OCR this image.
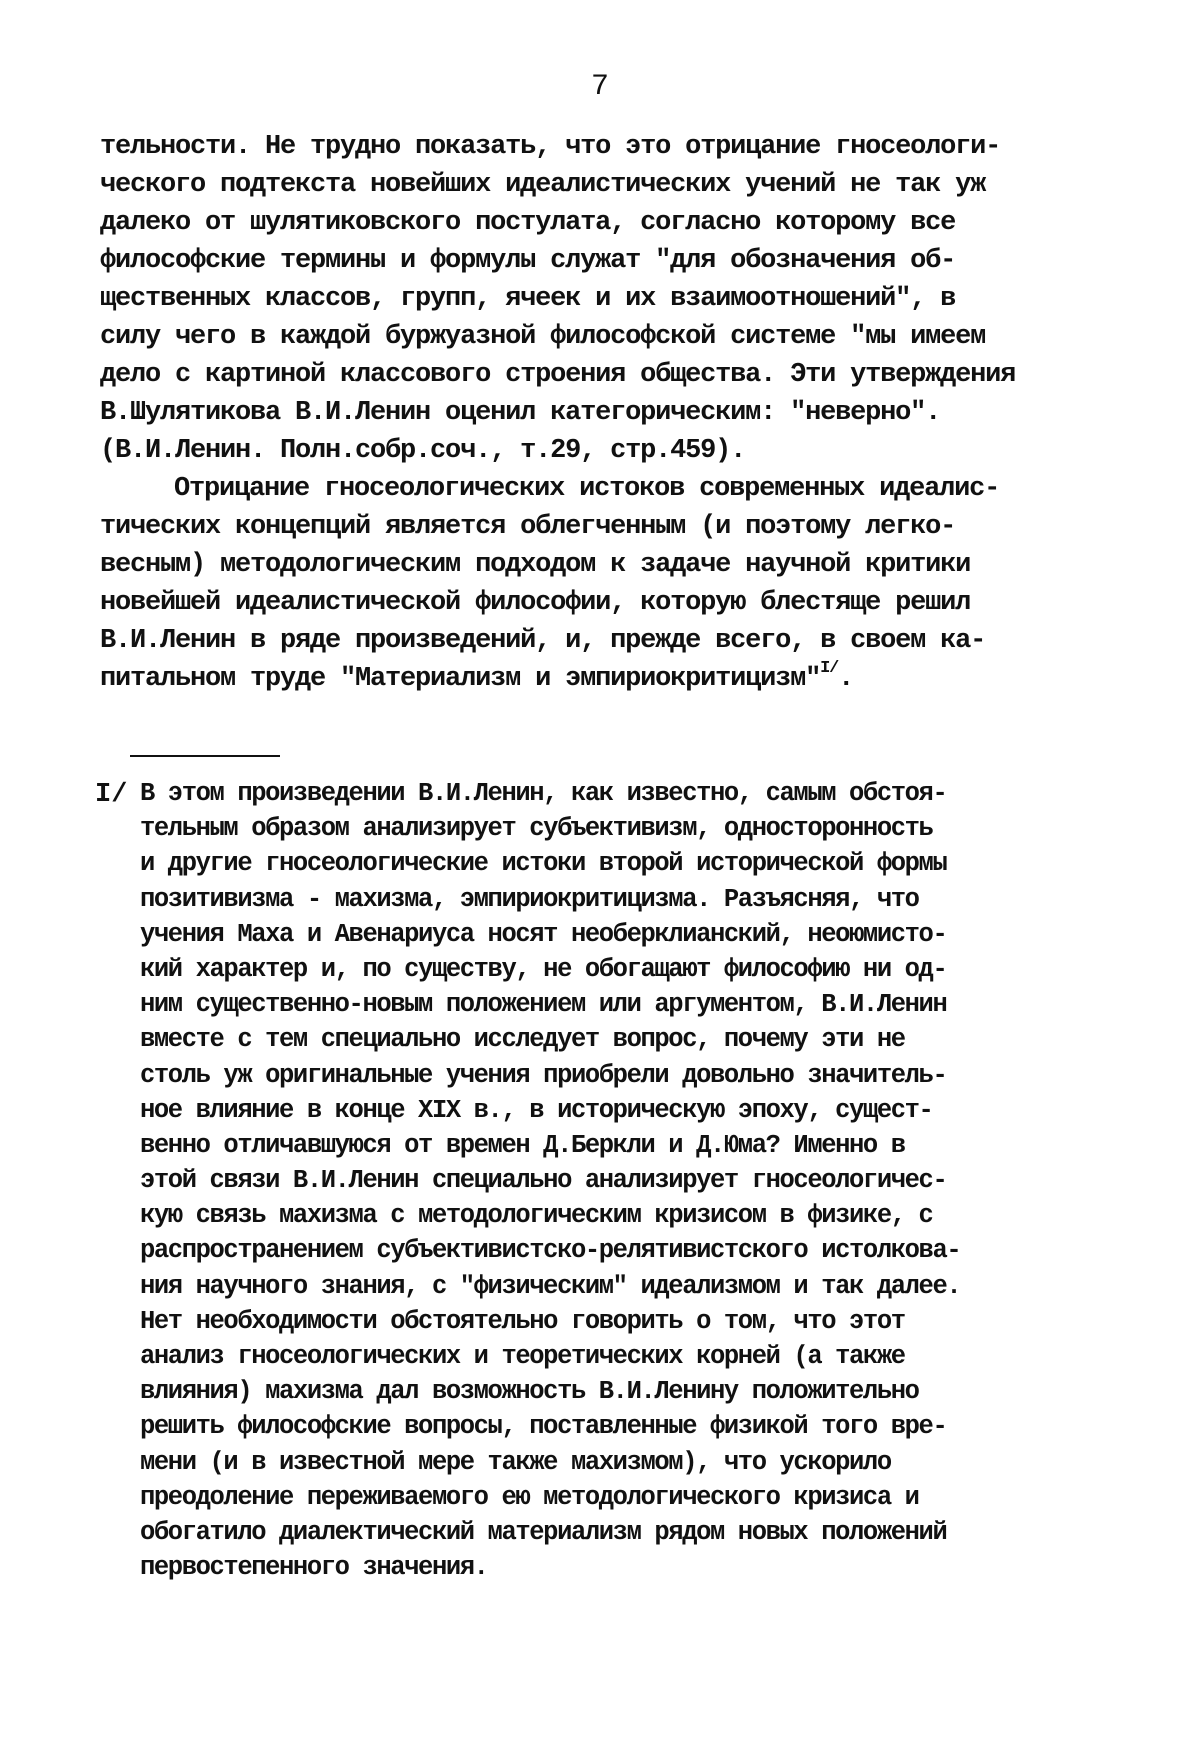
7
тельности. Не трудно показать, что это отрицание гносеологи-
ческого подтекста новейших идеалистических учений не так уж
далеко от шулятиковского постулата, согласно которому все
философские термины и формулы служат "для обозначения об-
щественных классов, групп, ячеек и их взаимоотношений", в
силу чего в каждой буржуазной философской системе "мы имеем
дело с картиной классового строения общества. Эти утверждения
В.Шулятикова В.И.Ленин оценил категорическим: "неверно".
(В.И.Ленин. Полн.собр.соч., т.29, стр.459).
Отрицание гносеологических истоков современных идеалис-
тических концепций является облегченным (и поэтому легко-
весным) методологическим подходом к задаче научной критики
новейшей идеалистической философии, которую блестяще решил
В.И.Ленин в ряде произведений, и, прежде всего, в своем ка-
питальном труде "Материализм и эмпириокритицизм"$^{I/}$.
I/ В этом произведении В.И.Ленин, как известно, самым обстоя-
тельным образом анализирует субъективизм, односторонность
и другие гносеологические истоки второй исторической формы
позитивизма - махизма, эмпириокритицизма. Разъясняя, что
учения Маха и Авенариуса носят необерклианский, неоюмисто-
кий характер и, по существу, не обогащают философию ни од-
ним существенно-новым положением или аргументом, В.И.Ленин
вместе с тем специально исследует вопрос, почему эти не
столь уж оригинальные учения приобрели довольно значитель-
ное влияние в конце XIX в., в историческую эпоху, сущест-
венно отличавшуюся от времен Д.Беркли и Д.Юма? Именно в
этой связи В.И.Ленин специально анализирует гносеологичес-
кую связь махизма с методологическим кризисом в физике, с
распространением субъективистско-релятивистского истолкова-
ния научного знания, с "физическим" идеализмом и так далее.
Нет необходимости обстоятельно говорить о том, что этот
анализ гносеологических и теоретических корней (а также
влияния) махизма дал возможность В.И.Ленину положительно
решить философские вопросы, поставленные физикой того вре-
мени (и в известной мере также махизмом), что ускорило
преодоление переживаемого ею методологического кризиса и
обогатило диалектический материализм рядом новых положений
первостепенного значения.
